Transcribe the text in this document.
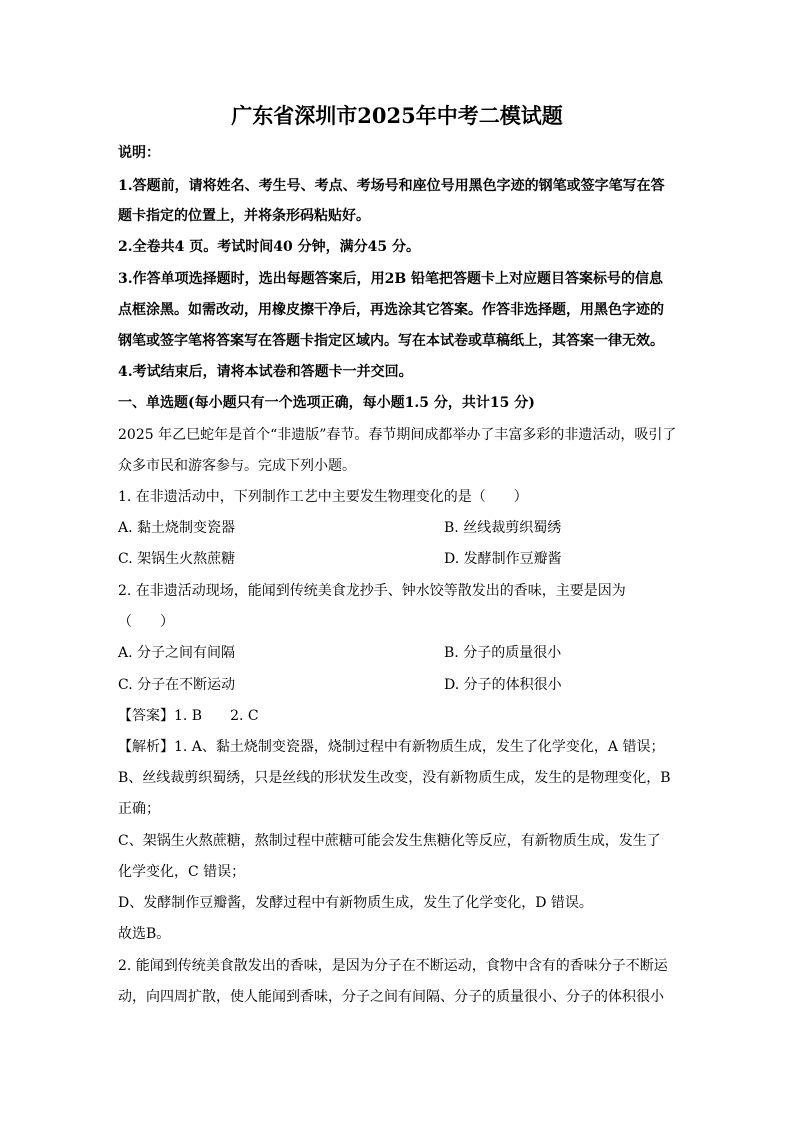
广东省深圳市2025年中考二模试题
说明：
1.答题前，请将姓名、考生号、考点、考场号和座位号用黑色字迹的钢笔或签字笔写在答
题卡指定的位置上，并将条形码粘贴好。
2.全卷共4 页。考试时间40 分钟，满分45 分。
3.作答单项选择题时，选出每题答案后，用2B 铅笔把答题卡上对应题目答案标号的信息
点框涂黑。如需改动，用橡皮擦干净后，再选涂其它答案。作答非选择题，用黑色字迹的
钢笔或签字笔将答案写在答题卡指定区域内。写在本试卷或草稿纸上，其答案一律无效。
4.考试结束后，请将本试卷和答题卡一并交回。
一、单选题(每小题只有一个选项正确，每小题1.5 分，共计15 分)
2025 年乙巳蛇年是首个“非遗版”春节。春节期间成都举办了丰富多彩的非遗活动，吸引了
众多市民和游客参与。完成下列小题。
1. 在非遗活动中，下列制作工艺中主要发生物理变化的是（　　）
A. 黏土烧制变瓷器	B. 丝线裁剪织蜀绣
C. 架锅生火熬蔗糖	D. 发酵制作豆瓣酱
2. 在非遗活动现场，能闻到传统美食龙抄手、钟水饺等散发出的香味，主要是因为
（　　）
A. 分子之间有间隔	B. 分子的质量很小
C. 分子在不断运动	D. 分子的体积很小
【答案】1. B　　2. C
【解析】1. A、黏土烧制变瓷器，烧制过程中有新物质生成，发生了化学变化，A 错误；
B、丝线裁剪织蜀绣，只是丝线的形状发生改变，没有新物质生成，发生的是物理变化，B
正确；
C、架锅生火熬蔗糖，熬制过程中蔗糖可能会发生焦糖化等反应，有新物质生成，发生了
化学变化，C 错误；
D、发酵制作豆瓣酱，发酵过程中有新物质生成，发生了化学变化，D 错误。
故选B。
2. 能闻到传统美食散发出的香味，是因为分子在不断运动，食物中含有的香味分子不断运
动，向四周扩散，使人能闻到香味，分子之间有间隔、分子的质量很小、分子的体积很小
